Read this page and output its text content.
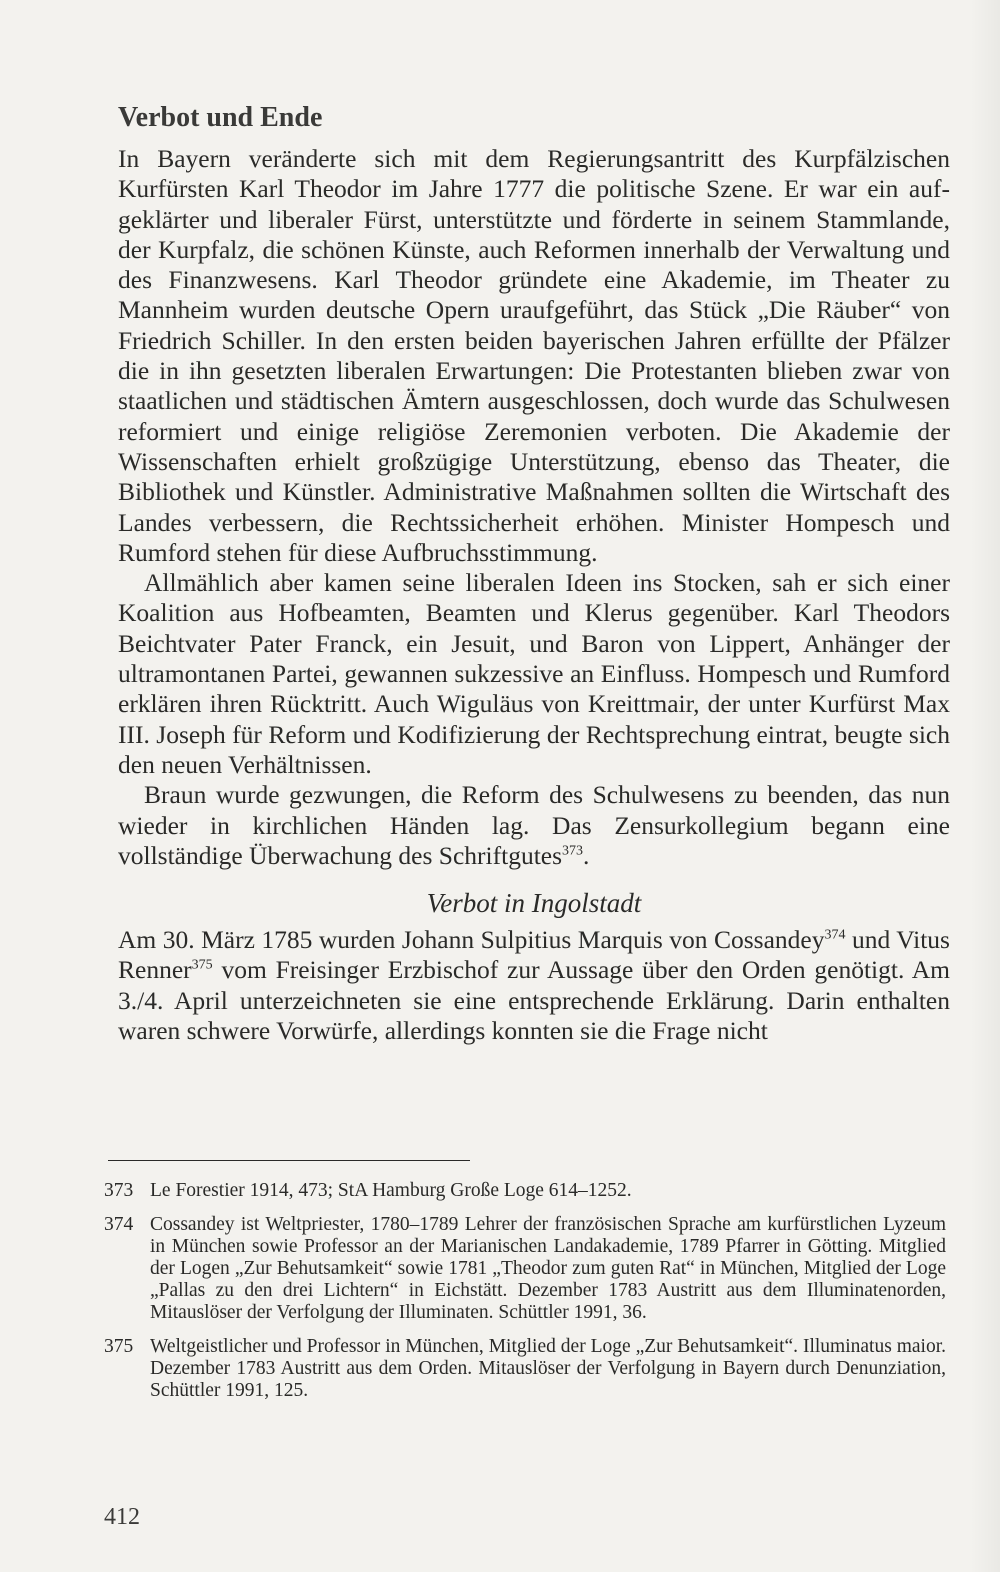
Verbot und Ende

In Bayern veränderte sich mit dem Regierungsantritt des Kurpfälzischen Kurfürsten Karl Theodor im Jahre 1777 die politische Szene. Er war ein aufgeklärter und liberaler Fürst, unterstützte und förderte in seinem Stammlande, der Kurpfalz, die schönen Künste, auch Reformen innerhalb der Verwaltung und des Finanzwesens. Karl Theodor gründete eine Akademie, im Theater zu Mannheim wurden deutsche Opern uraufgeführt, das Stück „Die Räuber“ von Friedrich Schiller. In den ersten beiden bayerischen Jahren erfüllte der Pfälzer die in ihn gesetzten liberalen Erwartungen: Die Protestanten blieben zwar von staatlichen und städtischen Ämtern ausgeschlossen, doch wurde das Schulwesen reformiert und einige religiöse Zeremonien verboten. Die Akademie der Wissenschaften erhielt großzügige Unterstützung, ebenso das Theater, die Bibliothek und Künstler. Administrative Maßnahmen sollten die Wirtschaft des Landes verbessern, die Rechtssicherheit erhöhen. Minister Hompesch und Rumford stehen für diese Aufbruchsstimmung.

Allmählich aber kamen seine liberalen Ideen ins Stocken, sah er sich einer Koalition aus Hofbeamten, Beamten und Klerus gegenüber. Karl Theodors Beichtvater Pater Franck, ein Jesuit, und Baron von Lippert, Anhänger der ultramontanen Partei, gewannen sukzessive an Einfluss. Hompesch und Rumford erklären ihren Rücktritt. Auch Wiguläus von Kreittmair, der unter Kurfürst Max III. Joseph für Reform und Kodifizierung der Rechtsprechung eintrat, beugte sich den neuen Verhältnissen.

Braun wurde gezwungen, die Reform des Schulwesens zu beenden, das nun wieder in kirchlichen Händen lag. Das Zensurkollegium begann eine vollständige Überwachung des Schriftgutes$^{373}$.

Verbot in Ingolstadt

Am 30. März 1785 wurden Johann Sulpitius Marquis von Cossandey$^{374}$ und Vitus Renner$^{375}$ vom Freisinger Erzbischof zur Aussage über den Orden genötigt. Am 3./4. April unterzeichneten sie eine entsprechende Erklärung. Darin enthalten waren schwere Vorwürfe, allerdings konnten sie die Frage nicht

373 Le Forestier 1914, 473; StA Hamburg Große Loge 614–1252.
374 Cossandey ist Weltpriester, 1780–1789 Lehrer der französischen Sprache am kurfürstlichen Lyzeum in München sowie Professor an der Marianischen Landakademie, 1789 Pfarrer in Götting. Mitglied der Logen „Zur Behutsamkeit“ sowie 1781 „Theodor zum guten Rat“ in München, Mitglied der Loge „Pallas zu den drei Lichtern“ in Eichstätt. Dezember 1783 Austritt aus dem Illuminatenorden, Mitauslöser der Verfolgung der Illuminaten. Schüttler 1991, 36.
375 Weltgeistlicher und Professor in München, Mitglied der Loge „Zur Behutsamkeit“. Illuminatus maior. Dezember 1783 Austritt aus dem Orden. Mitauslöser der Verfolgung in Bayern durch Denunziation, Schüttler 1991, 125.
412
